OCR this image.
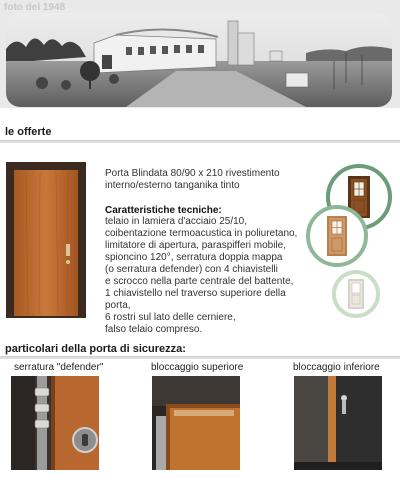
foto del 1948
le offerte
Porta Blindata 80/90 x 210 rivestimento interno/esterno tanganika tinto
Caratteristiche tecniche:
telaio in lamiera d'acciaio 25/10,
coibentazione termoacustica in poliuretano,
limitatore di apertura, paraspifferi mobile,
spioncino 120°, serratura doppia mappa
(o serratura defender) con 4 chiavistelli
e scrocco nella parte centrale del battente,
1 chiavistello nel traverso superiore della porta,
6 rostri sul lato delle cerniere,
falso telaio compreso.
particolari della porta di sicurezza:
serratura "defender"	bloccaggio superiore	bloccaggio inferiore
